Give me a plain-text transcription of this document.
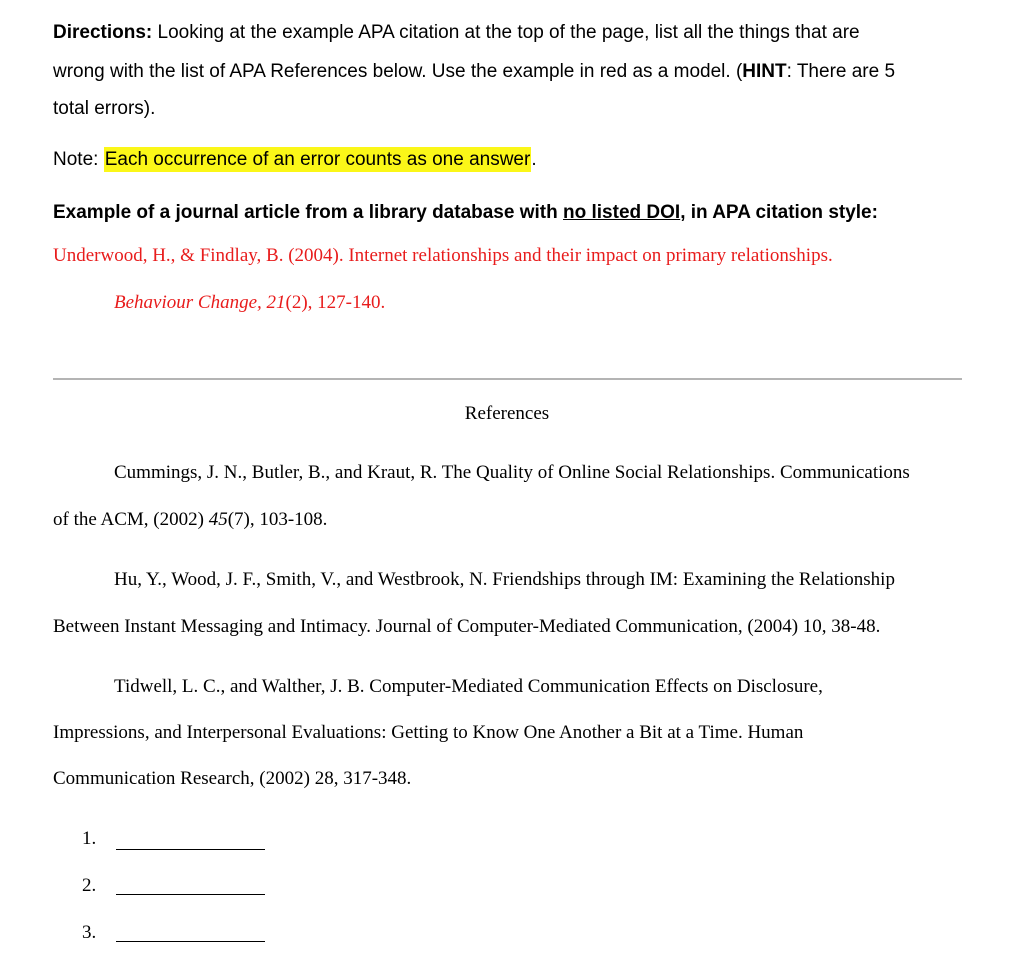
Directions: Looking at the example APA citation at the top of the page, list all the things that are
wrong with the list of APA References below. Use the example in red as a model. (HINT: There are 5
total errors).
Note: Each occurrence of an error counts as one answer.
Example of a journal article from a library database with no listed DOI, in APA citation style:
Underwood, H., & Findlay, B. (2004). Internet relationships and their impact on primary relationships.
Behaviour Change, 21(2), 127-140.
References
Cummings, J. N., Butler, B., and Kraut, R. The Quality of Online Social Relationships. Communications
of the ACM, (2002) 45(7), 103-108.
Hu, Y., Wood, J. F., Smith, V., and Westbrook, N. Friendships through IM: Examining the Relationship
Between Instant Messaging and Intimacy. Journal of Computer-Mediated Communication, (2004) 10, 38-48.
Tidwell, L. C., and Walther, J. B. Computer-Mediated Communication Effects on Disclosure,
Impressions, and Interpersonal Evaluations: Getting to Know One Another a Bit at a Time. Human
Communication Research, (2002) 28, 317-348.
1.
2.
3.
